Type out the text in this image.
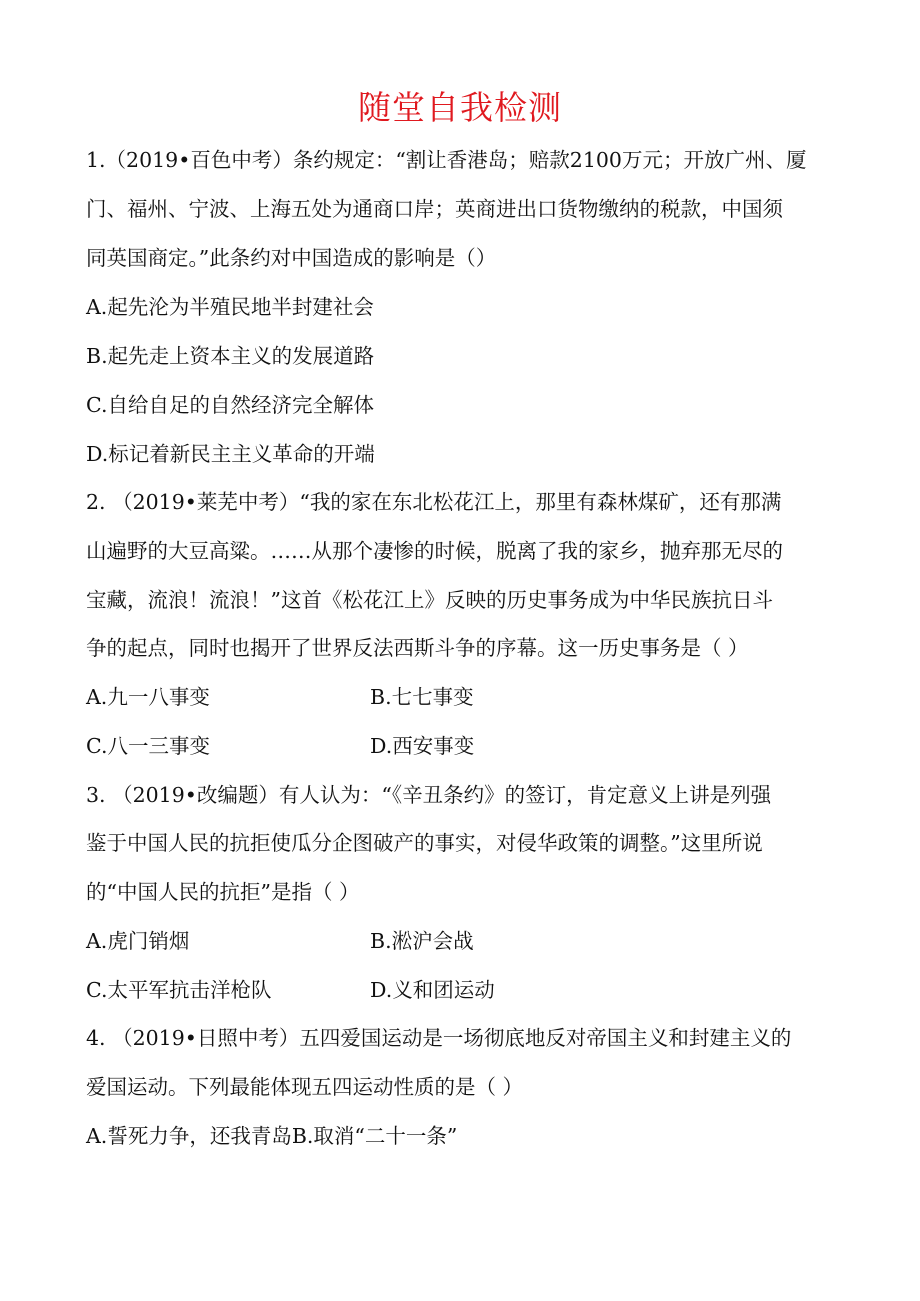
随堂自我检测
1.（2019•百色中考）条约规定：“割让香港岛；赔款2100万元；开放广州、厦
门、福州、宁波、上海五处为通商口岸；英商进出口货物缴纳的税款，中国须
同英国商定。”此条约对中国造成的影响是（）
A.起先沦为半殖民地半封建社会
B.起先走上资本主义的发展道路
C.自给自足的自然经济完全解体
D.标记着新民主主义革命的开端
2. （2019•莱芜中考）“我的家在东北松花江上，那里有森林煤矿，还有那满
山遍野的大豆高粱。……从那个凄惨的时候，脱离了我的家乡，抛弃那无尽的
宝藏，流浪！流浪！”这首《松花江上》反映的历史事务成为中华民族抗日斗
争的起点，同时也揭开了世界反法西斯斗争的序幕。这一历史事务是（ ）
A.九一八事变	B.七七事变
C.八一三事变	D.西安事变
3. （2019•改编题）有人认为：“《辛丑条约》的签订，肯定意义上讲是列强
鉴于中国人民的抗拒使瓜分企图破产的事实，对侵华政策的调整。”这里所说
的“中国人民的抗拒”是指（ ）
A.虎门销烟	B.淞沪会战
C.太平军抗击洋枪队	D.义和团运动
4. （2019•日照中考）五四爱国运动是一场彻底地反对帝国主义和封建主义的
爱国运动。下列最能体现五四运动性质的是（ ）
A.誓死力争，还我青岛B.取消“二十一条”
